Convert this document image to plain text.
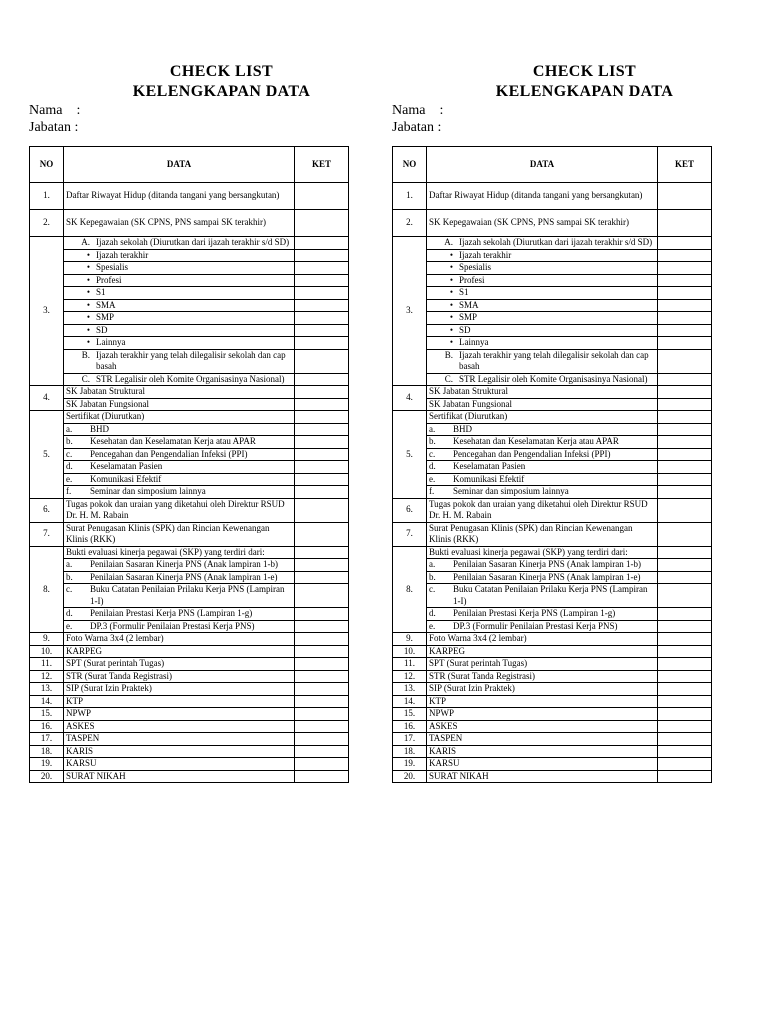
CHECK LIST
KELENGKAPAN DATA
Nama :
Jabatan :
NO	DATA	KET
1.	Daftar Riwayat Hidup (ditanda tangani yang bersangkutan)	
2.	SK Kepegawaian (SK CPNS, PNS sampai SK terakhir)	
3.	A. Ijazah sekolah (Diurutkan dari ijazah terakhir s/d SD)	

	• Ijazah terakhir	
	• Spesialis	
	• Profesi	
	• S1	
	• SMA	
	• SMP	
	• SD	
	• Lainnya	

	B. Ijazah terakhir yang telah dilegalisir sekolah dan cap basah	

	C. STR Legalisir oleh Komite Organisasinya Nasional)	

4.	SK Jabatan Struktural	
	SK Jabatan Fungsional	
5.	Sertifikat (Diurutkan)	
	a. BHD	
	b. Kesehatan dan Keselamatan Kerja atau APAR	
	c. Pencegahan dan Pengendalian Infeksi (PPI)	
	d. Keselamatan Pasien	
	e. Komunikasi Efektif	
	f. Seminar dan simposium lainnya	
6.	Tugas pokok dan uraian yang diketahui oleh Direktur RSUD Dr. H. M. Rabain	
7.	Surat Penugasan Klinis (SPK) dan Rincian Kewenangan Klinis (RKK)	
8.	Bukti evaluasi kinerja pegawai (SKP) yang terdiri dari:	

	a. Penilaian Sasaran Kinerja PNS (Anak lampiran 1-b)	

	b. Penilaian Sasaran Kinerja PNS (Anak lampiran 1-e)	

	c. Buku Catatan Penilaian Prilaku Kerja PNS (Lampiran 1-I)	

	d. Penilaian Prestasi Kerja PNS (Lampiran 1-g)	

	e. DP.3 (Formulir Penilaian Prestasi Kerja PNS)	

9.	Foto Warna 3x4 (2 lembar)	
10.	KARPEG	
11.	SPT (Surat perintah Tugas)	
12.	STR (Surat Tanda Registrasi)	
13.	SIP (Surat Izin Praktek)	
14.	KTP	
15.	NPWP	
16.	ASKES	
17.	TASPEN	
18.	KARIS	
19.	KARSU	
20.	SURAT NIKAH	
CHECK LIST
KELENGKAPAN DATA
Nama :
Jabatan :
NO	DATA	KET
1.	Daftar Riwayat Hidup (ditanda tangani yang bersangkutan)	
2.	SK Kepegawaian (SK CPNS, PNS sampai SK terakhir)	
3.	A. Ijazah sekolah (Diurutkan dari ijazah terakhir s/d SD)	

	• Ijazah terakhir	
	• Spesialis	
	• Profesi	
	• S1	
	• SMA	
	• SMP	
	• SD	
	• Lainnya	

	B. Ijazah terakhir yang telah dilegalisir sekolah dan cap basah	

	C. STR Legalisir oleh Komite Organisasinya Nasional)	

4.	SK Jabatan Struktural	
	SK Jabatan Fungsional	
5.	Sertifikat (Diurutkan)	
	a. BHD	
	b. Kesehatan dan Keselamatan Kerja atau APAR	
	c. Pencegahan dan Pengendalian Infeksi (PPI)	
	d. Keselamatan Pasien	
	e. Komunikasi Efektif	
	f. Seminar dan simposium lainnya	
6.	Tugas pokok dan uraian yang diketahui oleh Direktur RSUD Dr. H. M. Rabain	
7.	Surat Penugasan Klinis (SPK) dan Rincian Kewenangan Klinis (RKK)	
8.	Bukti evaluasi kinerja pegawai (SKP) yang terdiri dari:	

	a. Penilaian Sasaran Kinerja PNS (Anak lampiran 1-b)	

	b. Penilaian Sasaran Kinerja PNS (Anak lampiran 1-e)	

	c. Buku Catatan Penilaian Prilaku Kerja PNS (Lampiran 1-I)	

	d. Penilaian Prestasi Kerja PNS (Lampiran 1-g)	

	e. DP.3 (Formulir Penilaian Prestasi Kerja PNS)	

9.	Foto Warna 3x4 (2 lembar)	
10.	KARPEG	
11.	SPT (Surat perintah Tugas)	
12.	STR (Surat Tanda Registrasi)	
13.	SIP (Surat Izin Praktek)	
14.	KTP	
15.	NPWP	
16.	ASKES	
17.	TASPEN	
18.	KARIS	
19.	KARSU	
20.	SURAT NIKAH	
